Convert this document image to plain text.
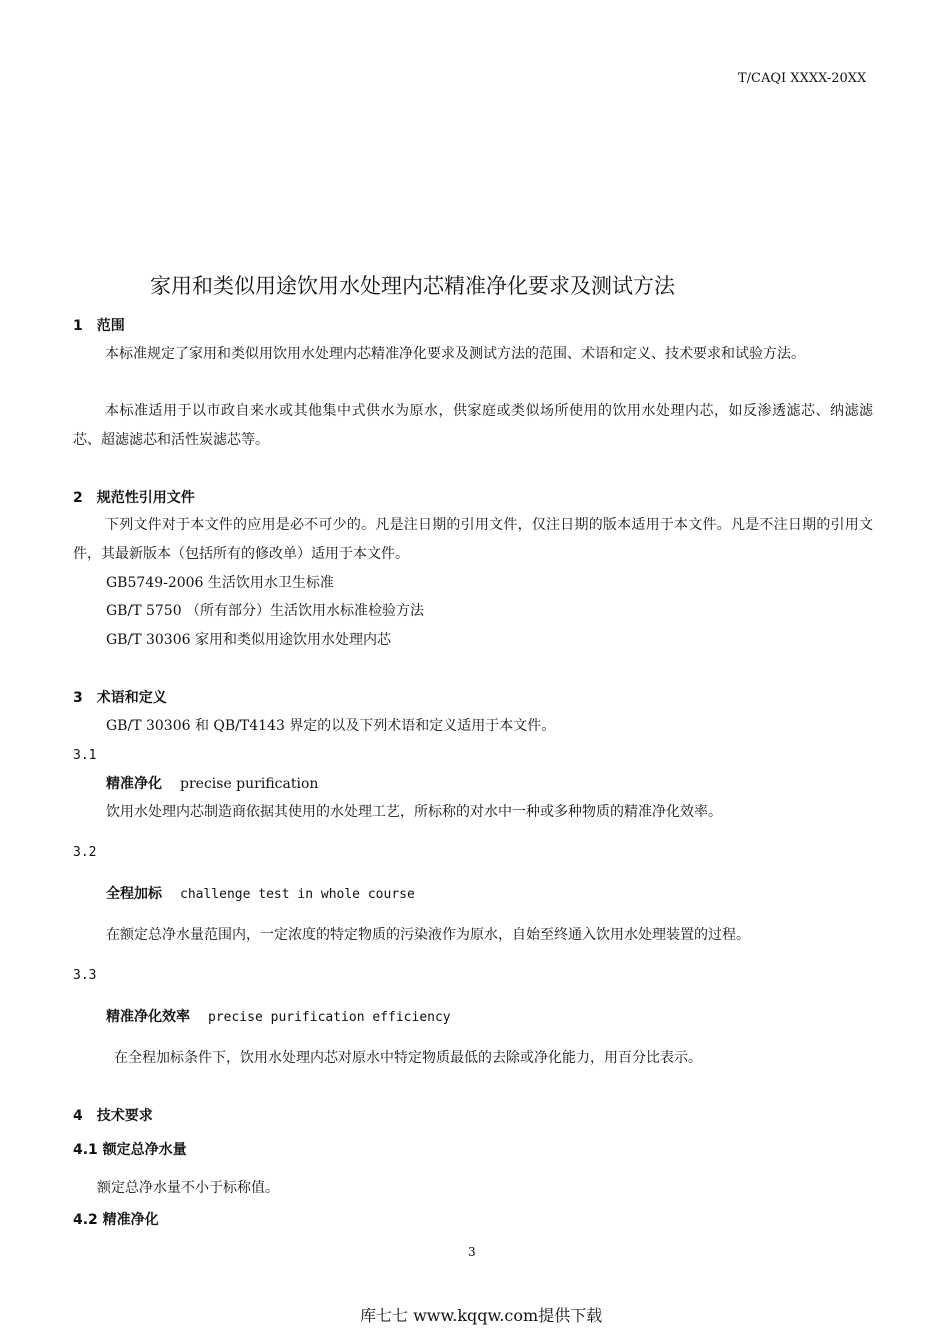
T/CAQI XXXX-20XX
家用和类似用途饮用水处理内芯精准净化要求及测试方法
1　范围
本标准规定了家用和类似用饮用水处理内芯精准净化要求及测试方法的范围、术语和定义、技术要求和试验方法。
本标准适用于以市政自来水或其他集中式供水为原水，供家庭或类似场所使用的饮用水处理内芯，如反渗透滤芯、纳滤滤芯、超滤滤芯和活性炭滤芯等。
2　规范性引用文件
下列文件对于本文件的应用是必不可少的。凡是注日期的引用文件，仅注日期的版本适用于本文件。凡是不注日期的引用文件，其最新版本（包括所有的修改单）适用于本文件。
GB5749-2006 生活饮用水卫生标准
GB/T 5750 （所有部分）生活饮用水标准检验方法
GB/T 30306 家用和类似用途饮用水处理内芯
3　术语和定义
GB/T 30306 和 QB/T4143 界定的以及下列术语和定义适用于本文件。
3.1
精准净化 precise purification
饮用水处理内芯制造商依据其使用的水处理工艺，所标称的对水中一种或多种物质的精准净化效率。
3.2
全程加标 challenge test in whole course
在额定总净水量范围内，一定浓度的特定物质的污染液作为原水，自始至终通入饮用水处理装置的过程。
3.3
精准净化效率 precise purification efficiency
在全程加标条件下，饮用水处理内芯对原水中特定物质最低的去除或净化能力，用百分比表示。
4　技术要求
4.1 额定总净水量
额定总净水量不小于标称值。
4.2 精准净化
3
库七七 www.kqqw.com提供下载
